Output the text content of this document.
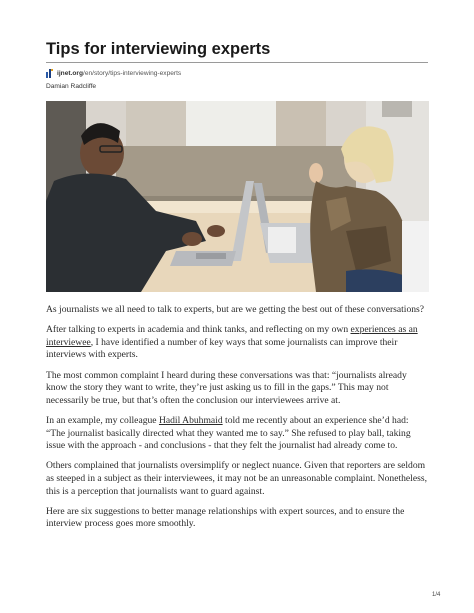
Tips for interviewing experts
ijnet.org/en/story/tips-interviewing-experts
Damian Radcliffe

As journalists we all need to talk to experts, but are we getting the best out of these conversations?

After talking to experts in academia and think tanks, and reflecting on my own experiences as an interviewee, I have identified a number of key ways that some journalists can improve their interviews with experts.

The most common complaint I heard during these conversations was that: “journalists already know the story they want to write, they’re just asking us to fill in the gaps.” This may not necessarily be true, but that’s often the conclusion our interviewees arrive at.

In an example, my colleague Hadil Abuhmaid told me recently about an experience she’d had: “The journalist basically directed what they wanted me to say.” She refused to play ball, taking issue with the approach - and conclusions - that they felt the journalist had already come to.

Others complained that journalists oversimplify or neglect nuance. Given that reporters are seldom as steeped in a subject as their interviewees, it may not be an unreasonable complaint. Nonetheless, this is a perception that journalists want to guard against.

Here are six suggestions to better manage relationships with expert sources, and to ensure the interview process goes more smoothly.

1/4
